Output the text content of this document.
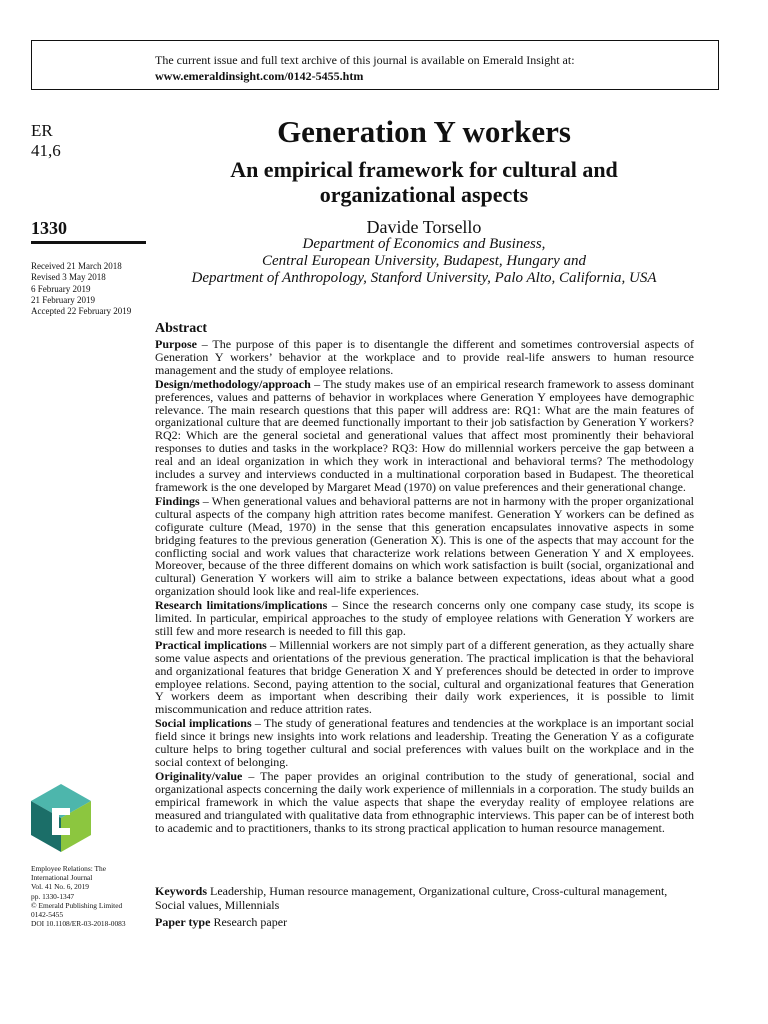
The current issue and full text archive of this journal is available on Emerald Insight at:
www.emeraldinsight.com/0142-5455.htm
ER
41,6
1330
Received 21 March 2018
Revised 3 May 2018
6 February 2019
21 February 2019
Accepted 22 February 2019
Generation Y workers
An empirical framework for cultural and
organizational aspects
Davide Torsello
Department of Economics and Business,
Central European University, Budapest, Hungary and
Department of Anthropology, Stanford University, Palo Alto, California, USA
Abstract

Purpose – The purpose of this paper is to disentangle the different and sometimes controversial aspects of Generation Y workers’ behavior at the workplace and to provide real-life answers to human resource management and the study of employee relations.

Design/methodology/approach – The study makes use of an empirical research framework to assess dominant preferences, values and patterns of behavior in workplaces where Generation Y employees have demographic relevance. The main research questions that this paper will address are: RQ1: What are the main features of organizational culture that are deemed functionally important to their job satisfaction by Generation Y workers? RQ2: Which are the general societal and generational values that affect most prominently their behavioral responses to duties and tasks in the workplace? RQ3: How do millennial workers perceive the gap between a real and an ideal organization in which they work in interactional and behavioral terms? The methodology includes a survey and interviews conducted in a multinational corporation based in Budapest. The theoretical framework is the one developed by Margaret Mead (1970) on value preferences and their generational change.

Findings – When generational values and behavioral patterns are not in harmony with the proper organizational cultural aspects of the company high attrition rates become manifest. Generation Y workers can be defined as cofigurate culture (Mead, 1970) in the sense that this generation encapsulates innovative aspects in some bridging features to the previous generation (Generation X). This is one of the aspects that may account for the conflicting social and work values that characterize work relations between Generation Y and X employees. Moreover, because of the three different domains on which work satisfaction is built (social, organizational and cultural) Generation Y workers will aim to strike a balance between expectations, ideas about what a good organization should look like and real-life experiences.

Research limitations/implications – Since the research concerns only one company case study, its scope is limited. In particular, empirical approaches to the study of employee relations with Generation Y workers are still few and more research is needed to fill this gap.

Practical implications – Millennial workers are not simply part of a different generation, as they actually share some value aspects and orientations of the previous generation. The practical implication is that the behavioral and organizational features that bridge Generation X and Y preferences should be detected in order to improve employee relations. Second, paying attention to the social, cultural and organizational features that Generation Y workers deem as important when describing their daily work experiences, it is possible to limit miscommunication and reduce attrition rates.

Social implications – The study of generational features and tendencies at the workplace is an important social field since it brings new insights into work relations and leadership. Treating the Generation Y as a cofigurate culture helps to bring together cultural and social preferences with values built on the workplace and in the social context of belonging.

Originality/value – The paper provides an original contribution to the study of generational, social and organizational aspects concerning the daily work experience of millennials in a corporation. The study builds an empirical framework in which the value aspects that shape the everyday reality of employee relations are measured and triangulated with qualitative data from ethnographic interviews. This paper can be of interest both to academic and to practitioners, thanks to its strong practical application to human resource management.

Keywords Leadership, Human resource management, Organizational culture, Cross-cultural management, Social values, Millennials
Paper type Research paper
Employee Relations: The
International Journal
Vol. 41 No. 6, 2019
pp. 1330-1347
© Emerald Publishing Limited
0142-5455
DOI 10.1108/ER-03-2018-0083
